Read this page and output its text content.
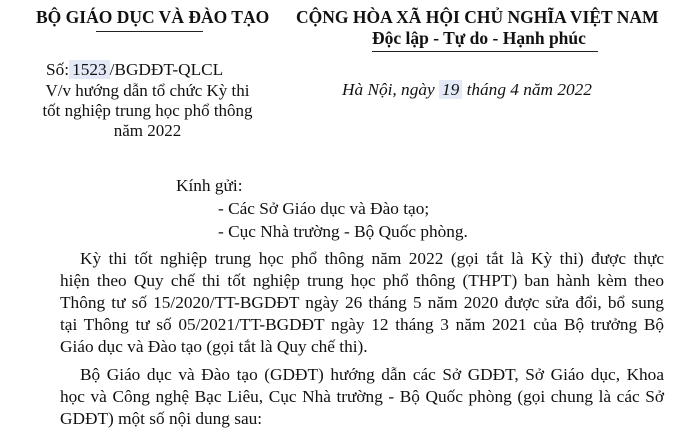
BỘ GIÁO DỤC VÀ ĐÀO TẠO
Số: 1523 /BGDĐT-QLCL
V/v hướng dẫn tổ chức Kỳ thi
tốt nghiệp trung học phổ thông
năm 2022
CỘNG HÒA XÃ HỘI CHỦ NGHĨA VIỆT NAM
Độc lập - Tự do - Hạnh phúc
Hà Nội, ngày 19 tháng 4 năm 2022
Kính gửi:
- Các Sở Giáo dục và Đào tạo;
- Cục Nhà trường - Bộ Quốc phòng.
Kỳ thi tốt nghiệp trung học phổ thông năm 2022 (gọi tắt là Kỳ thi) được thực
hiện theo Quy chế thi tốt nghiệp trung học phổ thông (THPT) ban hành kèm theo
Thông tư số 15/2020/TT-BGDĐT ngày 26 tháng 5 năm 2020 được sửa đổi, bổ sung
tại Thông tư số 05/2021/TT-BGDĐT ngày 12 tháng 3 năm 2021 của Bộ trưởng Bộ
Giáo dục và Đào tạo (gọi tắt là Quy chế thi).
Bộ Giáo dục và Đào tạo (GDĐT) hướng dẫn các Sở GDĐT, Sở Giáo dục, Khoa
học và Công nghệ Bạc Liêu, Cục Nhà trường - Bộ Quốc phòng (gọi chung là các Sở
GDĐT) một số nội dung sau:
